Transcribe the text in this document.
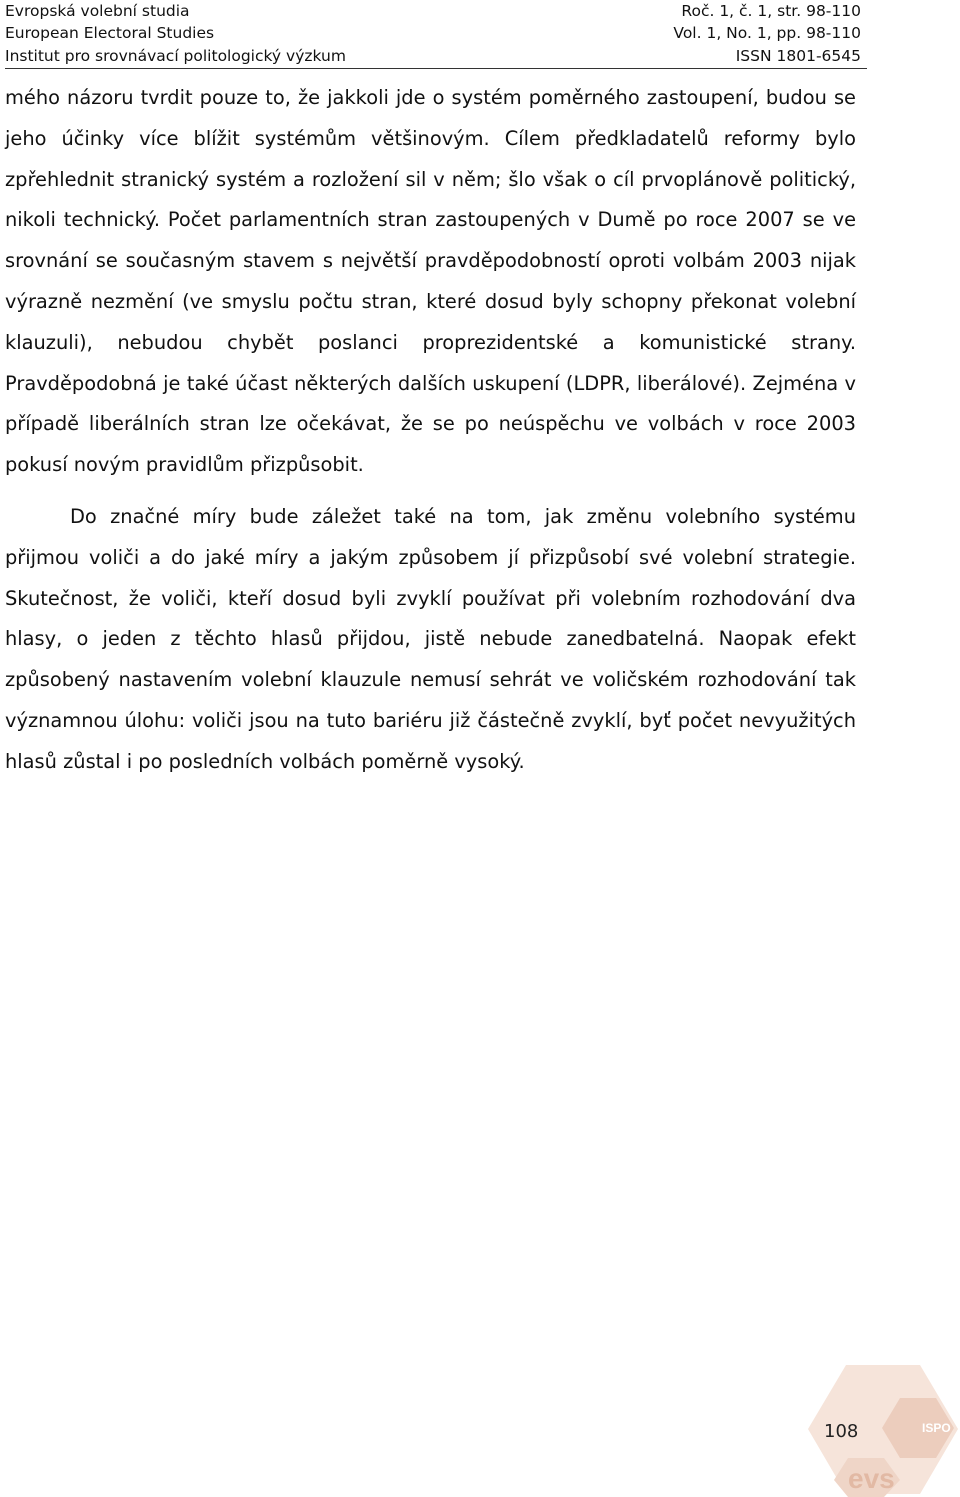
Evropská volební studia	Roč. 1, č. 1, str. 98-110
European Electoral Studies	Vol. 1, No. 1, pp. 98-110
Institut pro srovnávací politologický výzkum	ISSN 1801-6545

mého názoru tvrdit pouze to, že jakkoli jde o systém poměrného zastoupení, budou se jeho účinky více blížit systémům většinovým. Cílem předkladatelů reformy bylo zpřehlednit stranický systém a rozložení sil v něm; šlo však o cíl prvoplánově politický, nikoli technický. Počet parlamentních stran zastoupených v Dumě po roce 2007 se ve srovnání se současným stavem s největší pravděpodobností oproti volbám 2003 nijak výrazně nezmění (ve smyslu počtu stran, které dosud byly schopny překonat volební klauzuli), nebudou chybět poslanci proprezidentské a komunistické strany. Pravděpodobná je také účast některých dalších uskupení (LDPR, liberálové). Zejména v případě liberálních stran lze očekávat, že se po neúspěchu ve volbách v roce 2003 pokusí novým pravidlům přizpůsobit.

Do značné míry bude záležet také na tom, jak změnu volebního systému přijmou voliči a do jaké míry a jakým způsobem jí přizpůsobí své volební strategie. Skutečnost, že voliči, kteří dosud byli zvyklí používat při volebním rozhodování dva hlasy, o jeden z těchto hlasů přijdou, jistě nebude zanedbatelná. Naopak efekt způsobený nastavením volební klauzule nemusí sehrát ve voličském rozhodování tak významnou úlohu: voliči jsou na tuto bariéru již částečně zvyklí, byť počet nevyužitých hlasů zůstal i po posledních volbách poměrně vysoký.

ISPO
evs
108
